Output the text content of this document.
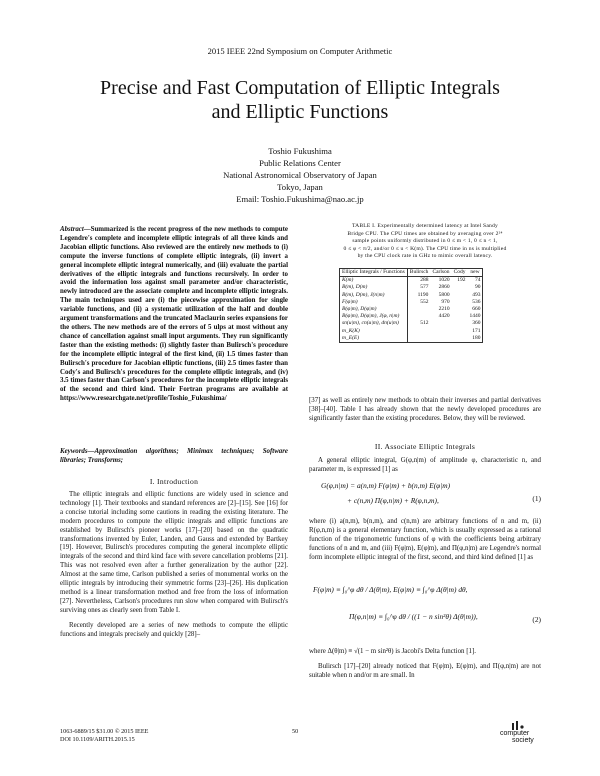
2015 IEEE 22nd Symposium on Computer Arithmetic
Precise and Fast Computation of Elliptic Integrals
and Elliptic Functions
Toshio Fukushima
Public Relations Center
National Astronomical Observatory of Japan
Tokyo, Japan
Email: Toshio.Fukushima@nao.ac.jp

Abstract—Summarized is the recent progress of the new methods to compute Legendre's complete and incomplete elliptic integrals of all three kinds and Jacobian elliptic functions. Also reviewed are the entirely new methods to (i) compute the inverse functions of complete elliptic integrals, (ii) invert a general incomplete elliptic integral numerically, and (iii) evaluate the partial derivatives of the elliptic integrals and functions recursively. In order to avoid the information loss against small parameter and/or characteristic, newly introduced are the associate complete and incomplete elliptic integrals. The main techniques used are (i) the piecewise approximation for single variable functions, and (ii) a systematic utilization of the half and double argument transformations and the truncated Maclaurin series expansions for the others. The new methods are of the errors of 5 ulps at most without any chance of cancellation against small input arguments. They run significantly faster than the existing methods: (i) slightly faster than Bulirsch's procedure for the incomplete elliptic integral of the first kind, (ii) 1.5 times faster than Bulirsch's procedure for Jacobian elliptic functions, (iii) 2.5 times faster than Cody's and Bulirsch's procedures for the complete elliptic integrals, and (iv) 3.5 times faster than Carlson's procedures for the incomplete elliptic integrals of the second and third kind. Their Fortran programs are available at https://www.researchgate.net/profile/Toshio_Fukushima/

Keywords—Approximation algorithms; Minimax techniques; Software libraries; Transforms;

I. Introduction

The elliptic integrals and elliptic functions are widely used in science and technology [1]. Their textbooks and standard references are [2]–[15]. See [16] for a concise tutorial including some cautions in reading the existing literature. The modern procedures to compute the elliptic integrals and elliptic functions are established by Bulirsch's pioneer works [17]–[20] based on the quadratic transformations invented by Euler, Landen, and Gauss and extended by Bartkey [19]. However, Bulirsch's procedures computing the general incomplete elliptic integrals of the second and third kind face with severe cancellation problems [21]. This was not resolved even after a further generalization by the author [22]. Almost at the same time, Carlson published a series of monumental works on the elliptic integrals by introducing their symmetric forms [23]–[26]. His duplication method is a linear transformation method and free from the loss of information [27]. Nevertheless, Carlson's procedures run slow when compared with Bulirsch's surviving ones as clearly seen from Table I.

Recently developed are a series of new methods to compute the elliptic functions and integrals precisely and quickly [28]–

TABLE I. Experimentally determined latency at Intel Sandy
Bridge CPU. The CPU times are obtained by averaging over 2²⁴
sample points uniformly distributed in 0 ≤ m < 1, 0 ≤ n < 1,
0 ≤ φ < π/2, and/or 0 ≤ u < K(m). The CPU time in ns is multiplied
by the CPU clock rate in GHz to mimic overall latency.
Elliptic Integrals / Functions	Bulirsch	Carlson	Cody	new
K(m)	288	1020	192	74
B(m), D(m)	577	2860		90
B(m), D(m), J(n|m)	1190	5800		493
F(φ|m)	552	970		536
B(φ|m), D(φ|m)		2210		660
B(φ|m), D(φ|m), J(φ, n|m)		4420		1440
sn(u|m), cn(u|m), dn(u|m)	512			360
m_K(K)				171
m_E(E)				180

[37] as well as entirely new methods to obtain their inverses and partial derivatives [38]–[40]. Table I has already shown that the newly developed procedures are significantly faster than the existing procedures. Below, they will be reviewed.

II. Associate Elliptic Integrals

A general elliptic integral, G(φ,n|m) of amplitude φ, characteristic n, and parameter m, is expressed [1] as

G(φ,n|m) = a(n,m) F(φ|m) + b(n,m) E(φ|m)
+ c(n,m) Π(φ,n|m) + R(φ,n,m),	(1)

where (i) a(n,m), b(n,m), and c(n,m) are arbitrary functions of n and m, (ii) R(φ,n,m) is a general elementary function, which is usually expressed as a rational function of the trigonometric functions of φ with the coefficients being arbitrary functions of n and m, and (iii) F(φ|m), E(φ|m), and Π(φ,n|m) are Legendre's normal form incomplete elliptic integral of the first, second, and third kind defined [1] as

F(φ|m) ≡ ∫₀^φ dθ / Δ(θ|m), E(φ|m) ≡ ∫₀^φ Δ(θ|m) dθ,
Π(φ,n|m) ≡ ∫₀^φ dθ / ((1 − n sin²θ) Δ(θ|m)),	(2)

where Δ(θ|m) ≡ √(1 − m sin²θ) is Jacobi's Delta function [1].

Bulirsch [17]–[20] already noticed that F(φ|m), E(φ|m), and Π(φ,n|m) are not suitable when n and/or m are small. In

1063-6889/15 $31.00 © 2015 IEEE
DOI 10.1109/ARITH.2015.15
50	computer
society
